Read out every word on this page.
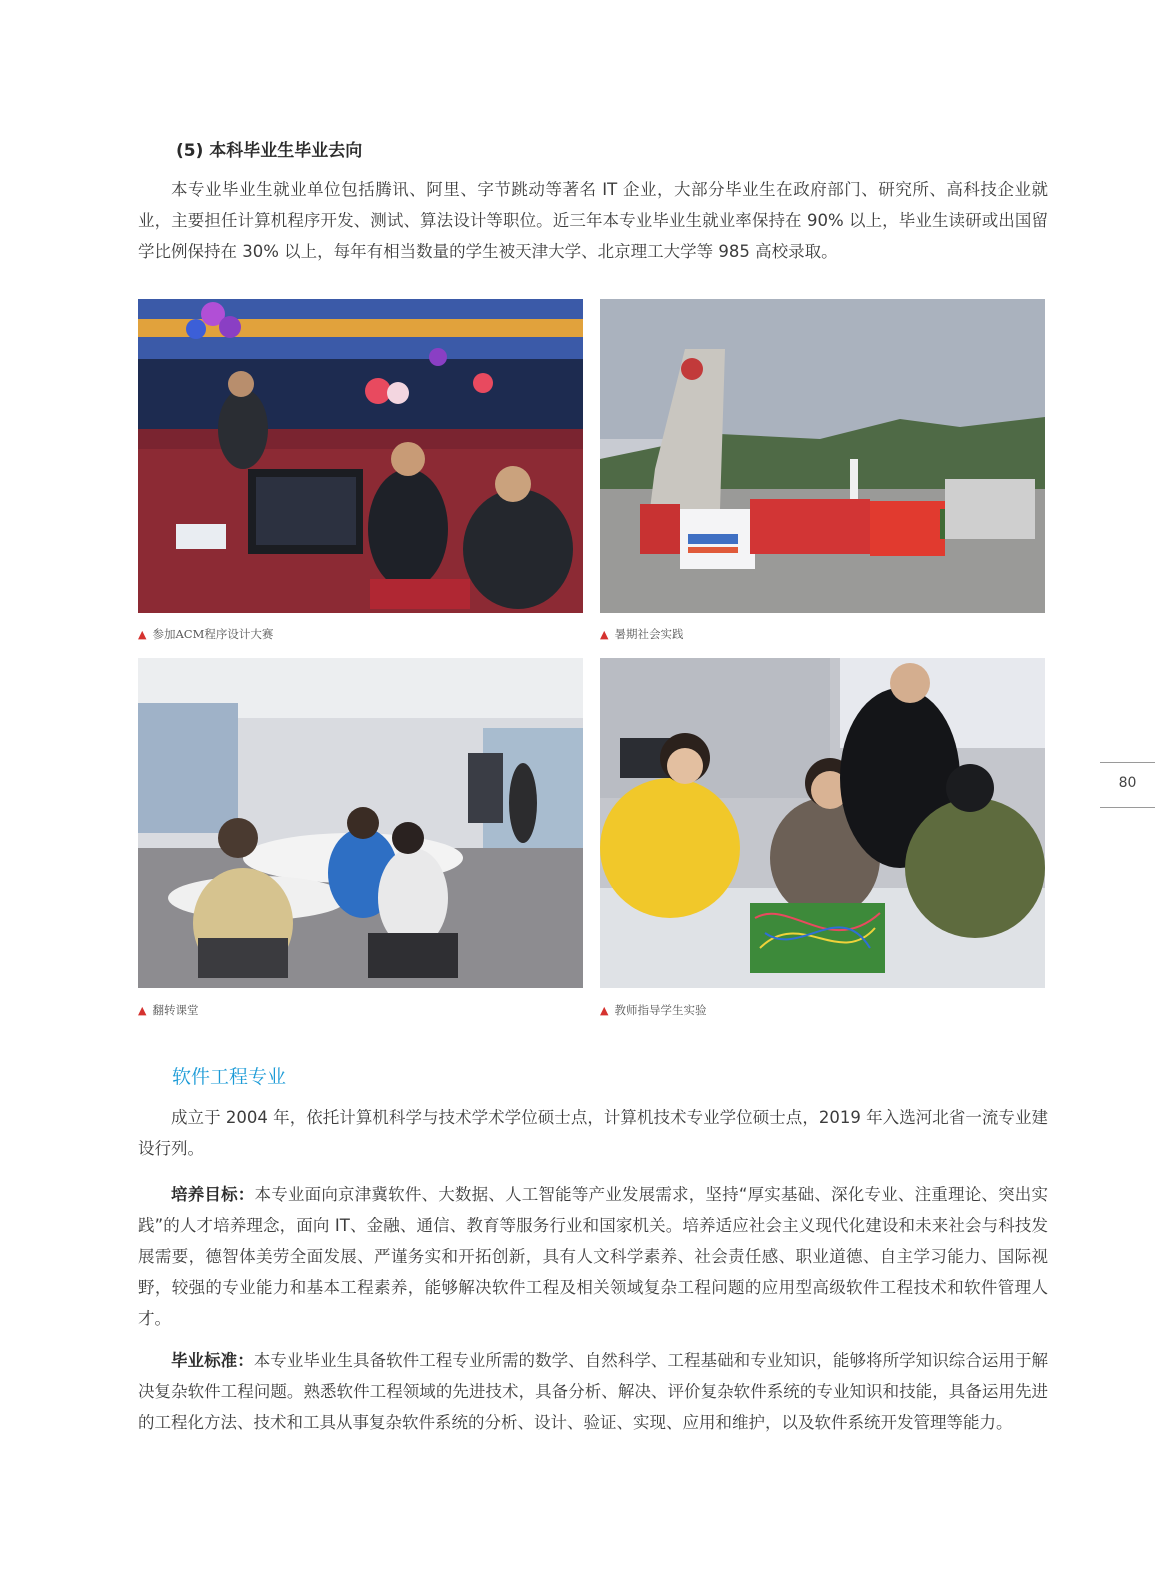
(5) 本科毕业生毕业去向
本专业毕业生就业单位包括腾讯、阿里、字节跳动等著名 IT 企业，大部分毕业生在政府部门、研究所、高科技企业就业，主要担任计算机程序开发、测试、算法设计等职位。近三年本专业毕业生就业率保持在 90% 以上，毕业生读研或出国留学比例保持在 30% 以上，每年有相当数量的学生被天津大学、北京理工大学等 985 高校录取。
▲ 参加ACM程序设计大赛	▲ 暑期社会实践
▲ 翻转课堂	▲ 教师指导学生实验
软件工程专业
成立于 2004 年，依托计算机科学与技术学术学位硕士点，计算机技术专业学位硕士点，2019 年入选河北省一流专业建设行列。
培养目标：本专业面向京津冀软件、大数据、人工智能等产业发展需求，坚持“厚实基础、深化专业、注重理论、突出实践”的人才培养理念，面向 IT、金融、通信、教育等服务行业和国家机关。培养适应社会主义现代化建设和未来社会与科技发展需要，德智体美劳全面发展、严谨务实和开拓创新，具有人文科学素养、社会责任感、职业道德、自主学习能力、国际视野，较强的专业能力和基本工程素养，能够解决软件工程及相关领域复杂工程问题的应用型高级软件工程技术和软件管理人才。
毕业标准：本专业毕业生具备软件工程专业所需的数学、自然科学、工程基础和专业知识，能够将所学知识综合运用于解决复杂软件工程问题。熟悉软件工程领域的先进技术，具备分析、解决、评价复杂软件系统的专业知识和技能，具备运用先进的工程化方法、技术和工具从事复杂软件系统的分析、设计、验证、实现、应用和维护，以及软件系统开发管理等能力。
80
